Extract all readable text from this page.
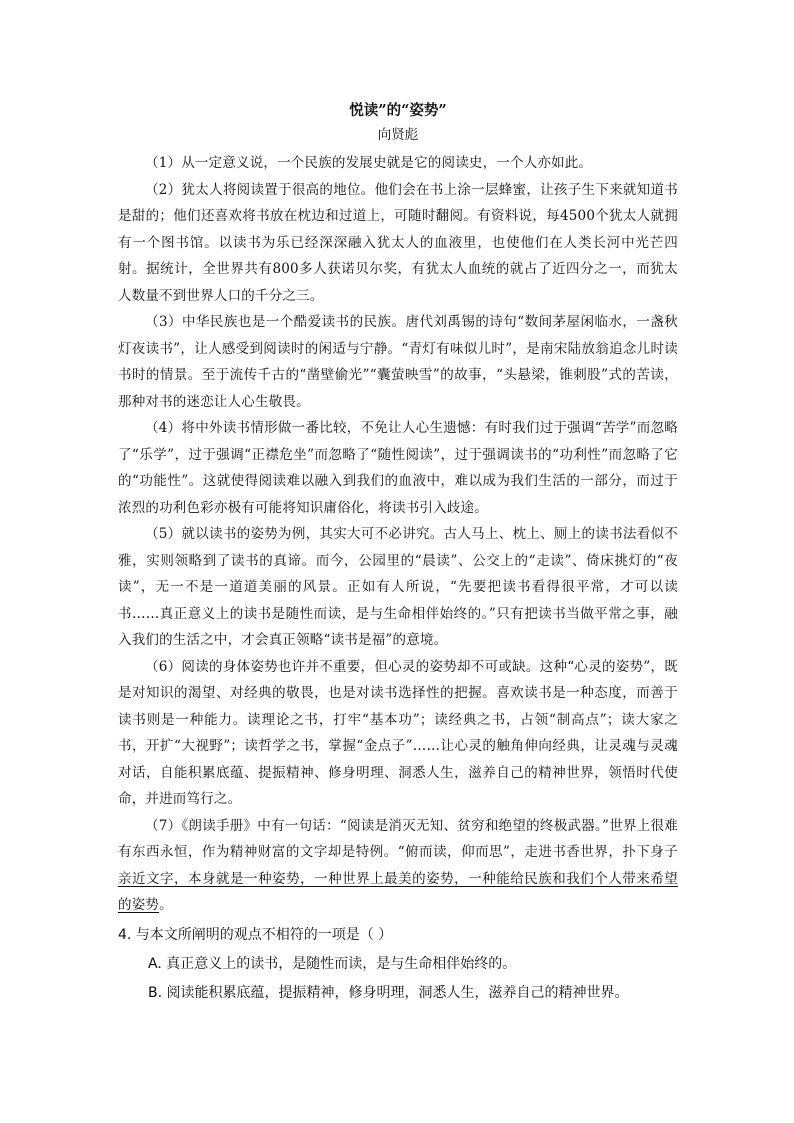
悦读”的“姿势”

向贤彪

（1）从一定意义说，一个民族的发展史就是它的阅读史，一个人亦如此。

（2）犹太人将阅读置于很高的地位。他们会在书上涂一层蜂蜜，让孩子生下来就知道书是甜的；他们还喜欢将书放在枕边和过道上，可随时翻阅。有资料说，每4500个犹太人就拥有一个图书馆。以读书为乐已经深深融入犹太人的血液里，也使他们在人类长河中光芒四射。据统计，全世界共有800多人获诺贝尔奖，有犹太人血统的就占了近四分之一，而犹太人数量不到世界人口的千分之三。

（3）中华民族也是一个酷爱读书的民族。唐代刘禹锡的诗句“数间茅屋闲临水，一盏秋灯夜读书”，让人感受到阅读时的闲适与宁静。“青灯有味似儿时”，是南宋陆放翁追念儿时读书时的情景。至于流传千古的“凿壁偷光”“囊萤映雪”的故事，“头悬梁，锥刺股”式的苦读，那种对书的迷恋让人心生敬畏。

（4）将中外读书情形做一番比较，不免让人心生遗憾：有时我们过于强调“苦学”而忽略了“乐学”，过于强调“正襟危坐”而忽略了“随性阅读”，过于强调读书的“功利性”而忽略了它的“功能性”。这就使得阅读难以融入到我们的血液中，难以成为我们生活的一部分，而过于浓烈的功利色彩亦极有可能将知识庸俗化，将读书引入歧途。

（5）就以读书的姿势为例，其实大可不必讲究。古人马上、枕上、厕上的读书法看似不雅，实则领略到了读书的真谛。而今，公园里的“晨读”、公交上的“走读”、倚床挑灯的“夜读”，无一不是一道道美丽的风景。正如有人所说，“先要把读书看得很平常，才可以读书……真正意义上的读书是随性而读，是与生命相伴始终的。”只有把读书当做平常之事，融入我们的生活之中，才会真正领略“读书是福”的意境。

（6）阅读的身体姿势也许并不重要，但心灵的姿势却不可或缺。这种“心灵的姿势”，既是对知识的渴望、对经典的敬畏，也是对读书选择性的把握。喜欢读书是一种态度，而善于读书则是一种能力。读理论之书，打牢“基本功”；读经典之书，占领“制高点”；读大家之书，开扩“大视野”；读哲学之书，掌握“金点子”……让心灵的触角伸向经典，让灵魂与灵魂对话，自能积累底蕴、提振精神、修身明理、洞悉人生，滋养自己的精神世界，领悟时代使命，并进而笃行之。

（7）《朗读手册》中有一句话：“阅读是消灭无知、贫穷和绝望的终极武器。”世界上很难有东西永恒，作为精神财富的文字却是特例。“俯而读，仰而思”，走进书香世界，扑下身子亲近文字，本身就是一种姿势，一种世界上最美的姿势，一种能给民族和我们个人带来希望的姿势。

4. 与本文所阐明的观点不相符的一项是（ ）

A. 真正意义上的读书，是随性而读，是与生命相伴始终的。

B. 阅读能积累底蕴，提振精神，修身明理，洞悉人生，滋养自己的精神世界。
